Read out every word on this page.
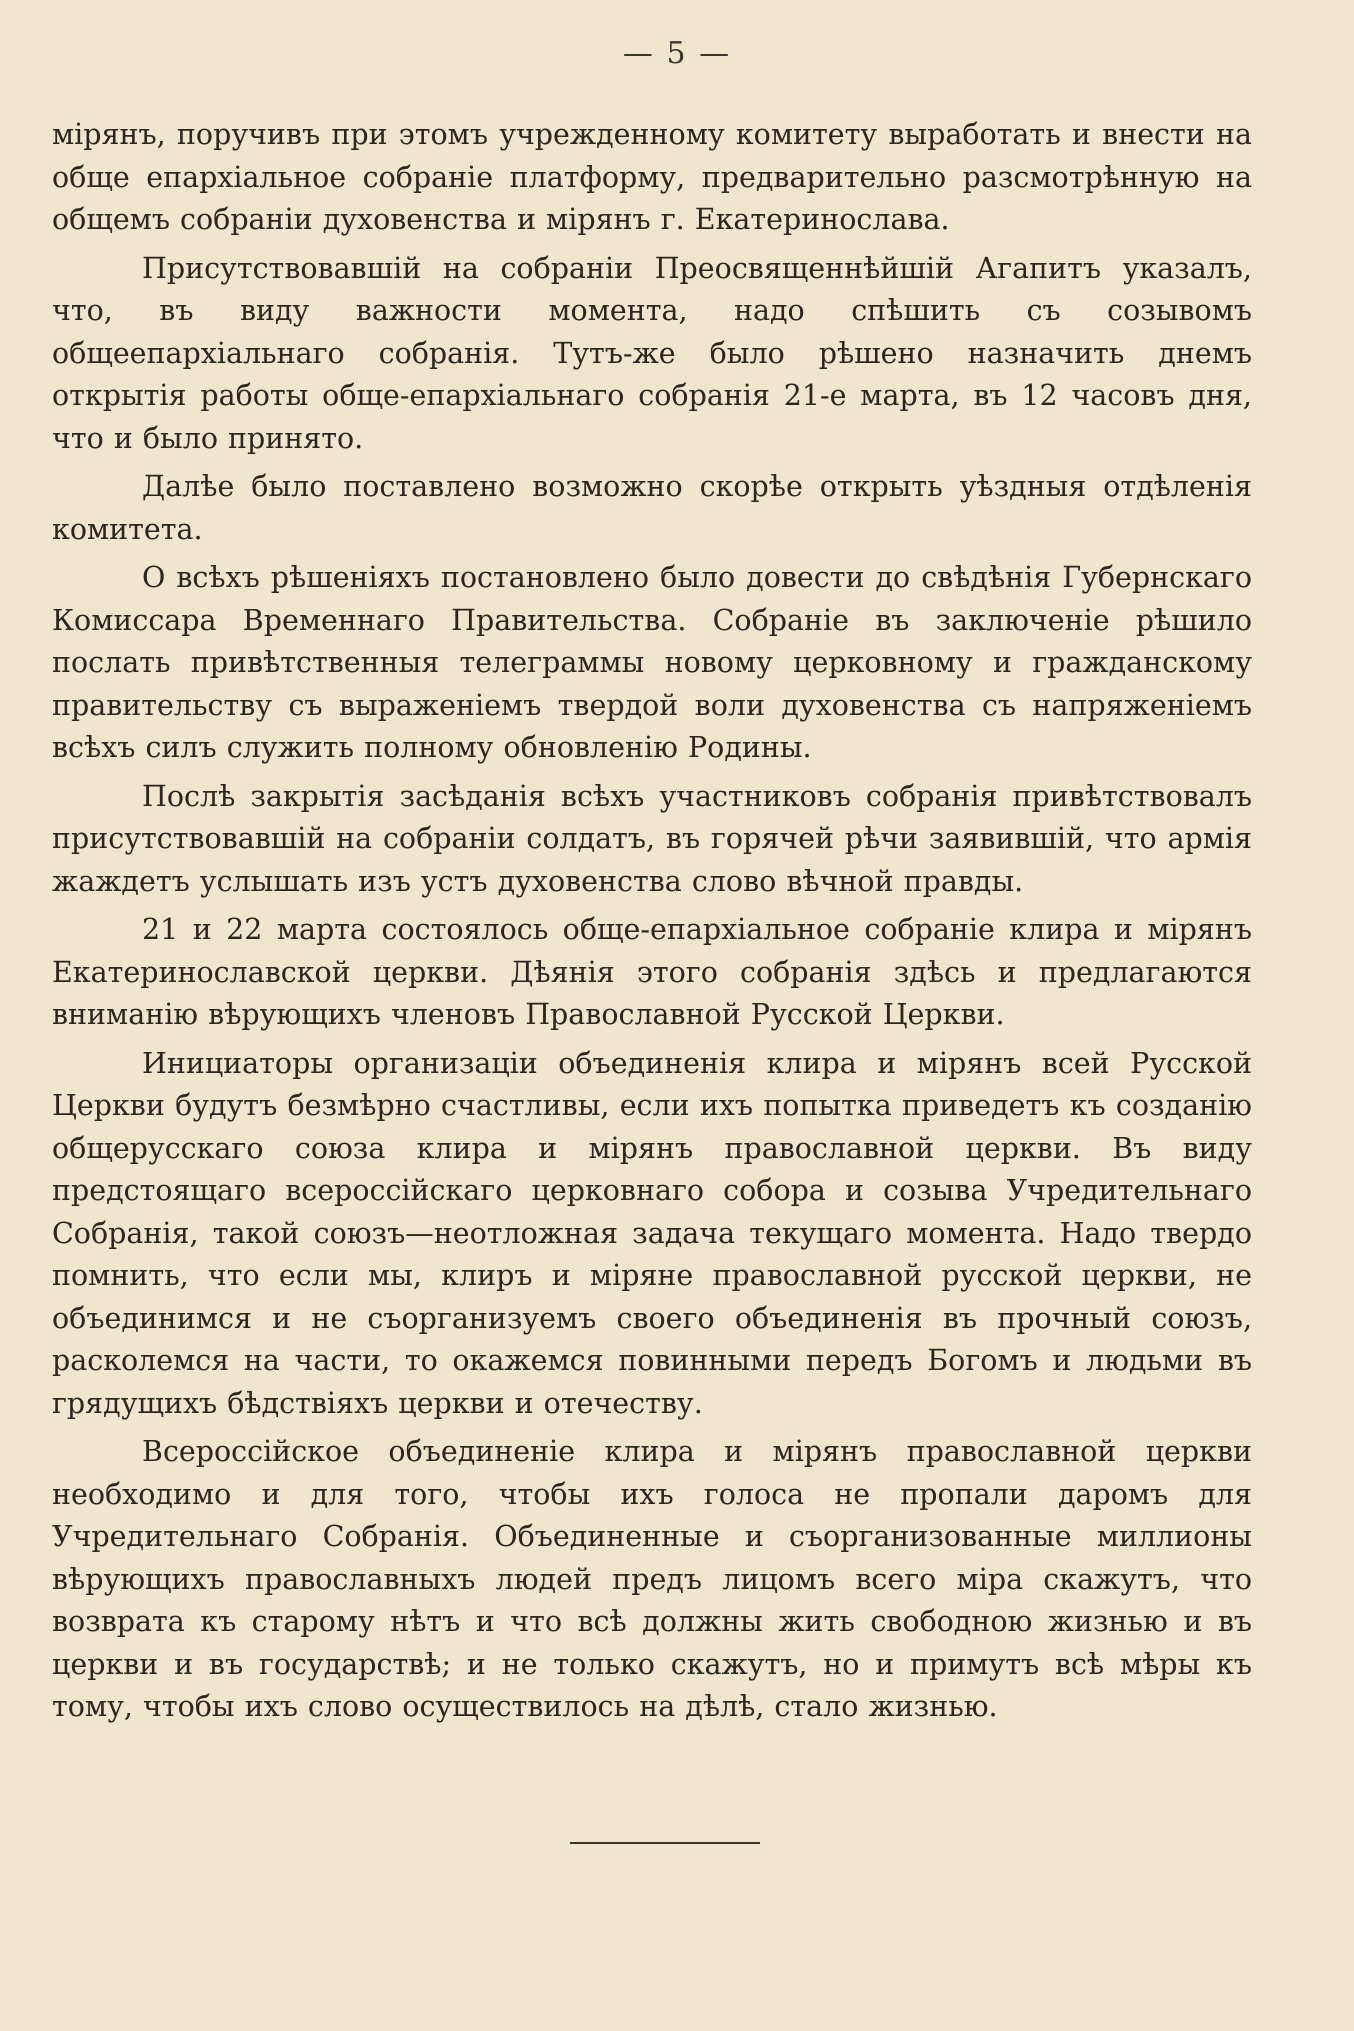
— 5 —

мірянъ, поручивъ при этомъ учрежденному комитету выработать и внести на обще епархіальное собраніе платформу, предварительно разсмотрѣнную на общемъ собраніи духовенства и мірянъ г. Екатеринослава.

Присутствовавшій на собраніи Преосвященнѣйшій Агапитъ указалъ, что, въ виду важности момента, надо спѣшить съ созывомъ общеепархіальнаго собранія. Тутъ-же было рѣшено назначить днемъ открытія работы обще-епархіальнаго собранія 21-е марта, въ 12 часовъ дня, что и было принято.

Далѣе было поставлено возможно скорѣе открыть уѣздныя отдѣленія комитета.

О всѣхъ рѣшеніяхъ постановлено было довести до свѣдѣнія Губернскаго Комиссара Временнаго Правительства. Собраніе въ заключеніе рѣшило послать привѣтственныя телеграммы новому церковному и гражданскому правительству съ выраженіемъ твердой воли духовенства съ напряженіемъ всѣхъ силъ служить полному обновленію Родины.

Послѣ закрытія засѣданія всѣхъ участниковъ собранія привѣтствовалъ присутствовавшій на собраніи солдатъ, въ горячей рѣчи заявившій, что армія жаждетъ услышать изъ устъ духовенства слово вѣчной правды.

21 и 22 марта состоялось обще-епархіальное собраніе клира и мірянъ Екатеринославской церкви. Дѣянія этого собранія здѣсь и предлагаются вниманію вѣрующихъ членовъ Православной Русской Церкви.

Инициаторы организаціи объединенія клира и мірянъ всей Русской Церкви будутъ безмѣрно счастливы, если ихъ попытка приведетъ къ созданію общерусскаго союза клира и мірянъ православной церкви. Въ виду предстоящаго всероссійскаго церковнаго собора и созыва Учредительнаго Собранія, такой союзъ—неотложная задача текущаго момента. Надо твердо помнить, что если мы, клиръ и міряне православной русской церкви, не объединимся и не съорганизуемъ своего объединенія въ прочный союзъ, расколемся на части, то окажемся повинными передъ Богомъ и людьми въ грядущихъ бѣдствіяхъ церкви и отечеству.

Всероссійское объединеніе клира и мірянъ православной церкви необходимо и для того, чтобы ихъ голоса не пропали даромъ для Учредительнаго Собранія. Объединенные и съорганизованные миллионы вѣрующихъ православныхъ людей предъ лицомъ всего міра скажутъ, что возврата къ старому нѣтъ и что всѣ должны жить свободною жизнью и въ церкви и въ государствѣ; и не только скажутъ, но и примутъ всѣ мѣры къ тому, чтобы ихъ слово осуществилось на дѣлѣ, стало жизнью.
